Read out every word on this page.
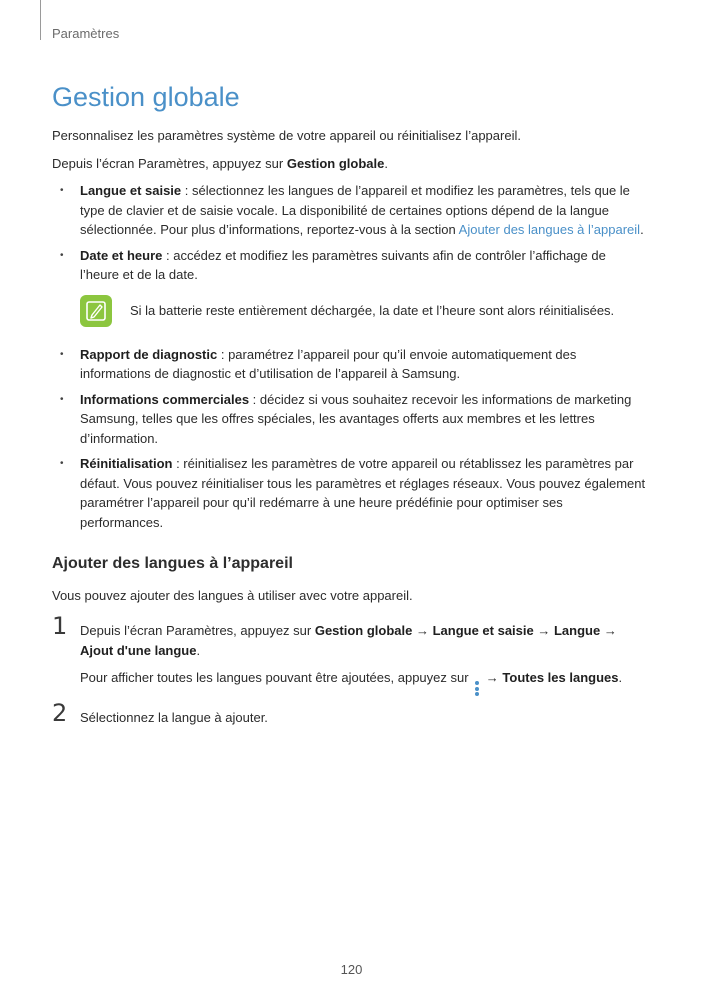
Paramètres
Gestion globale

Personnalisez les paramètres système de votre appareil ou réinitialisez l’appareil.

Depuis l’écran Paramètres, appuyez sur Gestion globale.

• Langue et saisie : sélectionnez les langues de l’appareil et modifiez les paramètres, tels que le type de clavier et de saisie vocale. La disponibilité de certaines options dépend de la langue sélectionnée. Pour plus d’informations, reportez-vous à la section Ajouter des langues à l’appareil.
• Date et heure : accédez et modifiez les paramètres suivants afin de contrôler l’affichage de l’heure et de la date.
Si la batterie reste entièrement déchargée, la date et l’heure sont alors réinitialisées.
• Rapport de diagnostic : paramétrez l’appareil pour qu’il envoie automatiquement des informations de diagnostic et d’utilisation de l’appareil à Samsung.
• Informations commerciales : décidez si vous souhaitez recevoir les informations de marketing Samsung, telles que les offres spéciales, les avantages offerts aux membres et les lettres d’information.
• Réinitialisation : réinitialisez les paramètres de votre appareil ou rétablissez les paramètres par défaut. Vous pouvez réinitialiser tous les paramètres et réglages réseaux. Vous pouvez également paramétrer l’appareil pour qu’il redémarre à une heure prédéfinie pour optimiser ses performances.
Ajouter des langues à l’appareil

Vous pouvez ajouter des langues à utiliser avec votre appareil.

1 Depuis l’écran Paramètres, appuyez sur Gestion globale → Langue et saisie → Langue → Ajout d'une langue.

Pour afficher toutes les langues pouvant être ajoutées, appuyez sur
→ Toutes les langues.

2 Sélectionnez la langue à ajouter.

120
